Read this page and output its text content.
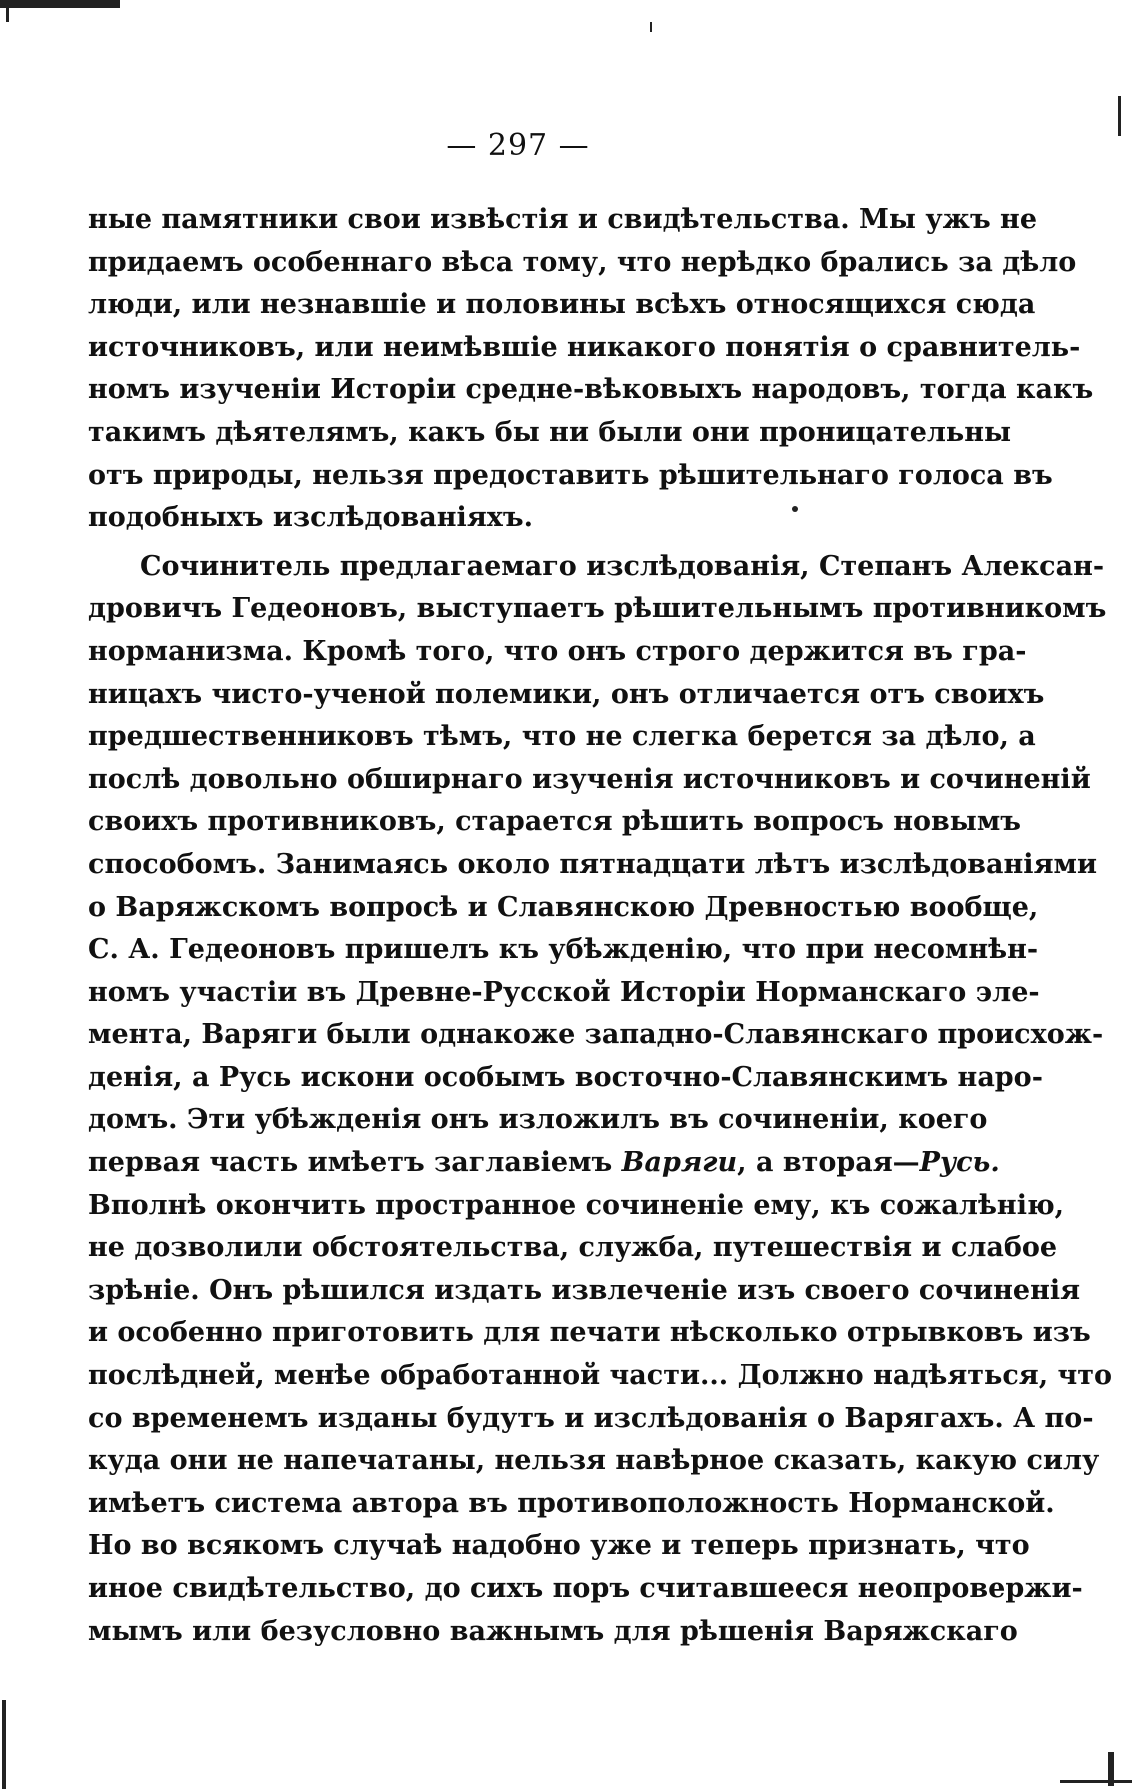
— 297 —
ные памятники свои извѣстія и свидѣтельства. Мы ужъ не
придаемъ особеннаго вѣса тому, что нерѣдко брались за дѣло
люди, или незнавшіе и половины всѣхъ относящихся сюда
источниковъ, или неимѣвшіе никакого понятія о сравнитель-
номъ изученіи Исторіи средне-вѣковыхъ народовъ, тогда какъ
такимъ дѣятелямъ, какъ бы ни были они проницательны
отъ природы, нельзя предоставить рѣшительнаго голоса въ
подобныхъ изслѣдованіяхъ.
Сочинитель предлагаемаго изслѣдованія, Степанъ Алексан-
дровичъ Гедеоновъ, выступаетъ рѣшительнымъ противникомъ
норманизма. Кромѣ того, что онъ строго держится въ гра-
ницахъ чисто-ученой полемики, онъ отличается отъ своихъ
предшественниковъ тѣмъ, что не слегка берется за дѣло, а
послѣ довольно обширнаго изученія источниковъ и сочиненій
своихъ противниковъ, старается рѣшить вопросъ новымъ
способомъ. Занимаясь около пятнадцати лѣтъ изслѣдованіями
о Варяжскомъ вопросѣ и Славянскою Древностью вообще,
С. А. Гедеоновъ пришелъ къ убѣжденію, что при несомнѣн-
номъ участіи въ Древне-Русской Исторіи Норманскаго эле-
мента, Варяги были однакоже западно-Славянскаго происхож-
денія, а Русь искони особымъ восточно-Славянскимъ наро-
домъ. Эти убѣжденія онъ изложилъ въ сочиненіи, коего
первая часть имѣетъ заглавіемъ Варяги, а вторая—Русь.
Вполнѣ окончить пространное сочиненіе ему, къ сожалѣнію,
не дозволили обстоятельства, служба, путешествія и слабое
зрѣніе. Онъ рѣшился издать извлеченіе изъ своего сочиненія
и особенно приготовить для печати нѣсколько отрывковъ изъ
послѣдней, менѣе обработанной части... Должно надѣяться, что
со временемъ изданы будутъ и изслѣдованія о Варягахъ. А по-
куда они не напечатаны, нельзя навѣрное сказать, какую силу
имѣетъ система автора въ противоположность Норманской.
Но во всякомъ случаѣ надобно уже и теперь признать, что
иное свидѣтельство, до сихъ поръ считавшееся неопровержи-
мымъ или безусловно важнымъ для рѣшенія Варяжскаго
